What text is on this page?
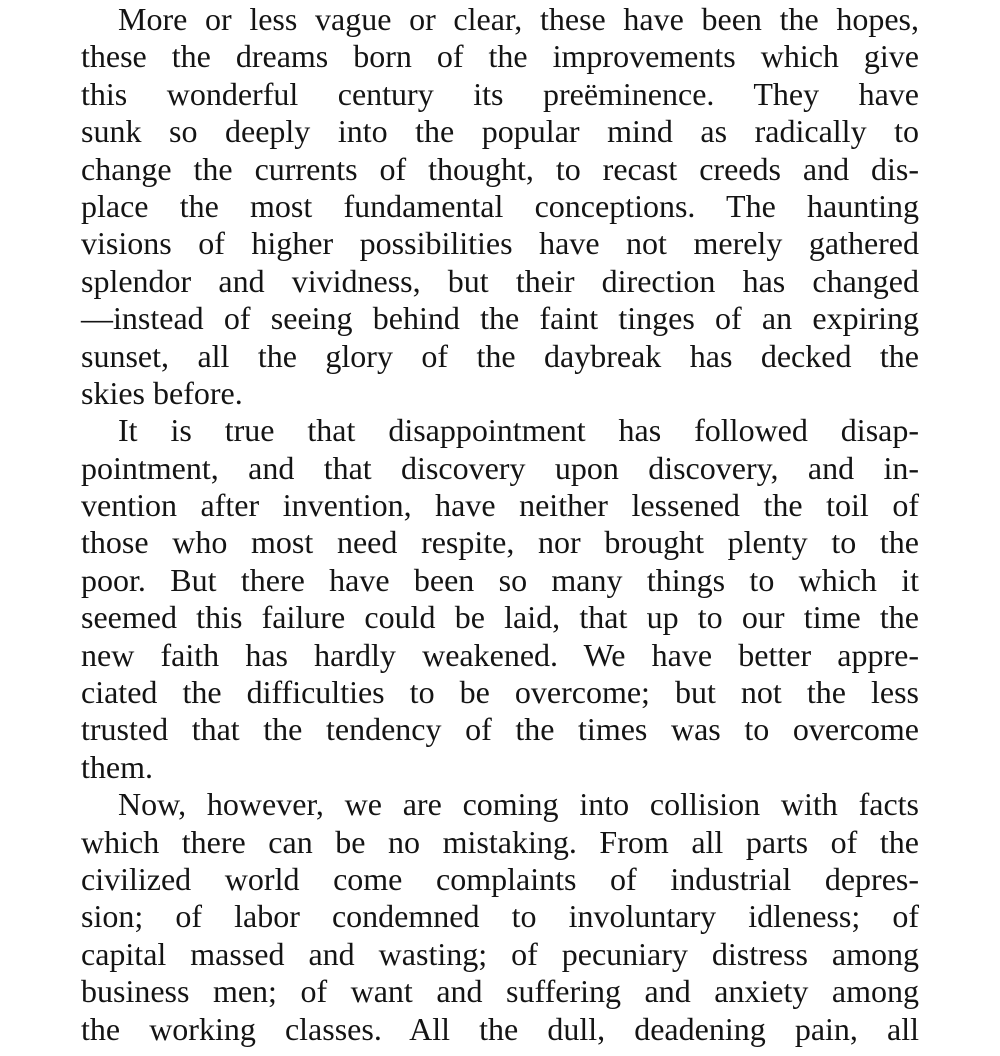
More or less vague or clear, these have been the hopes,
these the dreams born of the improvements which give
this wonderful century its preëminence. They have
sunk so deeply into the popular mind as radically to
change the currents of thought, to recast creeds and dis-
place the most fundamental conceptions. The haunting
visions of higher possibilities have not merely gathered
splendor and vividness, but their direction has changed
—instead of seeing behind the faint tinges of an expiring
sunset, all the glory of the daybreak has decked the
skies before.
It is true that disappointment has followed disap-
pointment, and that discovery upon discovery, and in-
vention after invention, have neither lessened the toil of
those who most need respite, nor brought plenty to the
poor. But there have been so many things to which it
seemed this failure could be laid, that up to our time the
new faith has hardly weakened. We have better appre-
ciated the difficulties to be overcome; but not the less
trusted that the tendency of the times was to overcome
them.
Now, however, we are coming into collision with facts
which there can be no mistaking. From all parts of the
civilized world come complaints of industrial depres-
sion; of labor condemned to involuntary idleness; of
capital massed and wasting; of pecuniary distress among
business men; of want and suffering and anxiety among
the working classes. All the dull, deadening pain, all
